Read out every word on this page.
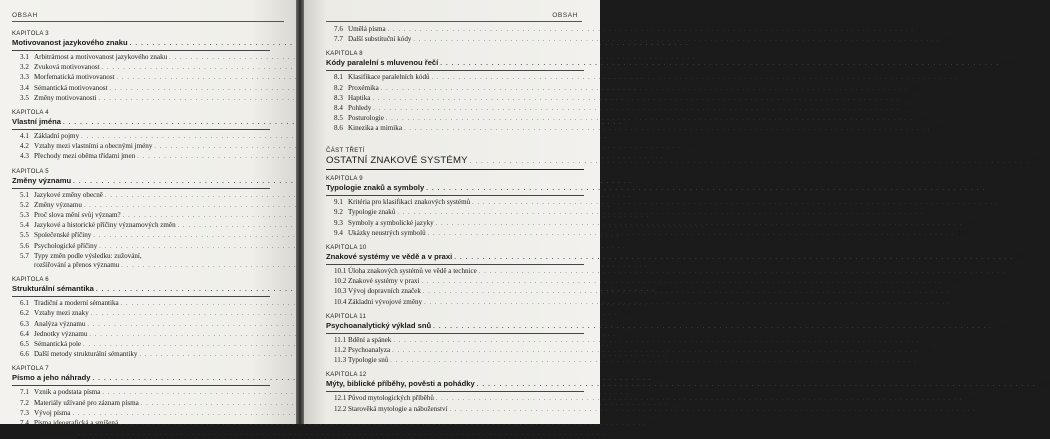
OBSAH
KAPITOLA 3
Motivovanost jazykového znaku . . .	51
3.1 Arbitrárnost a motivovanost jazykového znaku . . .	51
3.2 Zvuková motivovanost . . .	52
3.3 Morfematická motivovanost . . .	56
3.4 Sémantická motivovanost . . .	59
3.5 Změny motivovanosti . . .	64
KAPITOLA 4
Vlastní jména . . .	69
4.1 Základní pojmy . . .	69
4.2 Vztahy mezi vlastními a obecnými jmény . . .	74
4.3 Přechody mezi oběma třídami jmen . . .	75
KAPITOLA 5
Změny významu . . .	85
5.1 Jazykové změny obecně . . .	85
5.2 Změny významu . . .	89
5.3 Proč slova mění svůj význam? . . .	92
5.4 Jazykové a historické příčiny významových změn . . .	93
5.5 Společenské příčiny . . .	95
5.6 Psychologické příčiny . . .	97
5.7 Typy změn podle výsledku: zužování,
rozšiřování a přenos významu . . .	109
KAPITOLA 6
Strukturální sémantika . . .	115
6.1 Tradiční a moderní sémantika . . .	115
6.2 Vztahy mezi znaky . . .	115
6.3 Analýza významu . . .	117
6.4 Jednotky významu . . .	118
6.5 Sémantická pole . . .	121
6.6 Další metody strukturální sémantiky . . .	125
KAPITOLA 7
Písmo a jeho náhrady . . .	127
7.1 Vznik a podstata písma . . .	127
7.2 Materiály užívané pro záznam písma . . .	129
7.3 Vývoj písma . . .	133
7.4 Písma ideografická a smíšená . . .	142
7.5 Vývoj abecedy . . .	145
OBSAH
7.6 Umělá písma . . .	150
7.7 Další substituční kódy . . .	152
KAPITOLA 8
Kódy paralelní s mluvenou řečí . . .	159
8.1 Klasifikace paralelních kódů . . .	159
8.2 Proxémika . . .	161
8.3 Haptika . . .	163
8.4 Pohledy . . .	164
8.5 Posturologie . . .	165
8.6 Kinezika a mimika . . .	167
ČÁST TŘETÍ
OSTATNÍ ZNAKOVÉ SYSTÉMY . . .	171
KAPITOLA 9
Typologie znaků a symboly . . .	173
9.1 Kritéria pro klasifikaci znakových systémů . . .	173
9.2 Typologie znaků . . .	179
9.3 Symboly a symbolické jazyky . . .	187
9.4 Ukázky neustrých symbolů . . .	189
KAPITOLA 10
Znakové systémy ve vědě a v praxi . . .	213
10.1 Úloha znakových systémů ve vědě a technice . . .	213
10.2 Znakové systémy v praxi . . .	219
10.3 Vývoj dopravních značek . . .	222
10.4 Základní vývojové změny . . .	225
KAPITOLA 11
Psychoanalytický výklad snů . . .	229
11.1 Bdění a spánek . . .	229
11.2 Psychoanalyza . . .	230
11.3 Typologie snů . . .	234
KAPITOLA 12
Mýty, biblické příběhy, pověsti a pohádky . . .	239
12.1 Původ mytologických příběhů . . .	239
12.2 Starověká mytologie a náboženství . . .	244
